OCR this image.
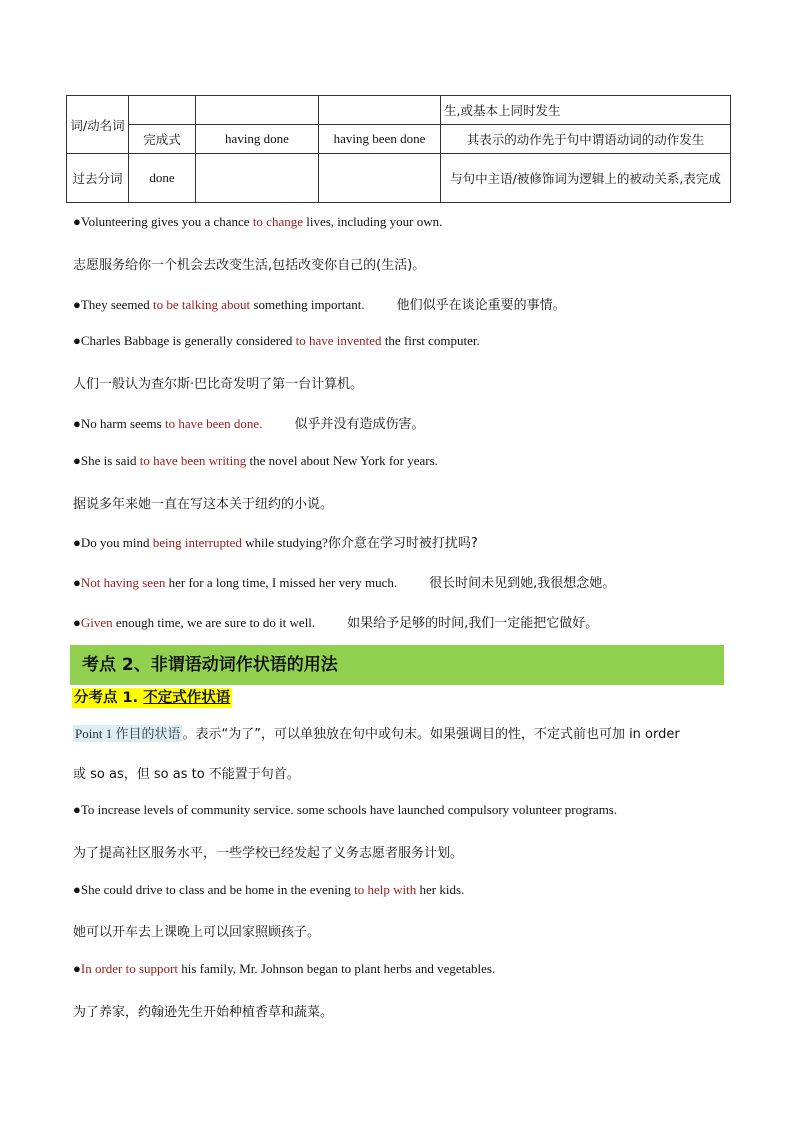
词/动名词				生,或基本上同时发生
	完成式	having done	having been done	其表示的动作先于句中谓语动词的动作发生
过去分词	done			与句中主语/被修饰词为逻辑上的被动关系,表完成
●Volunteering gives you a chance to change lives, including your own.
志愿服务给你一个机会去改变生活,包括改变你自己的(生活)。
●They seemed to be talking about something important. 他们似乎在谈论重要的事情。
●Charles Babbage is generally considered to have invented the first computer.
人们一般认为查尔斯·巴比奇发明了第一台计算机。
●No harm seems to have been done. 似乎并没有造成伤害。
●She is said to have been writing the novel about New York for years.
据说多年来她一直在写这本关于纽约的小说。
●Do you mind being interrupted while studying?你介意在学习时被打扰吗?
●Not having seen her for a long time, I missed her very much. 很长时间未见到她,我很想念她。
●Given enough time, we are sure to do it well. 如果给予足够的时间,我们一定能把它做好。
考点 2、非谓语动词作状语的用法
分考点 1. 不定式作状语
Point 1 作目的状语 。表示“为了”，可以单独放在句中或句末。如果强调目的性，不定式前也可加 in order
或 so as，但 so as to 不能置于句首。
●To increase levels of community service. some schools have launched compulsory volunteer programs.
为了提高社区服务水平，一些学校已经发起了义务志愿者服务计划。
●She could drive to class and be home in the evening to help with her kids.
她可以开车去上课晚上可以回家照顾孩子。
●In order to support his family, Mr. Johnson began to plant herbs and vegetables.
为了养家，约翰逊先生开始种植香草和蔬菜。
